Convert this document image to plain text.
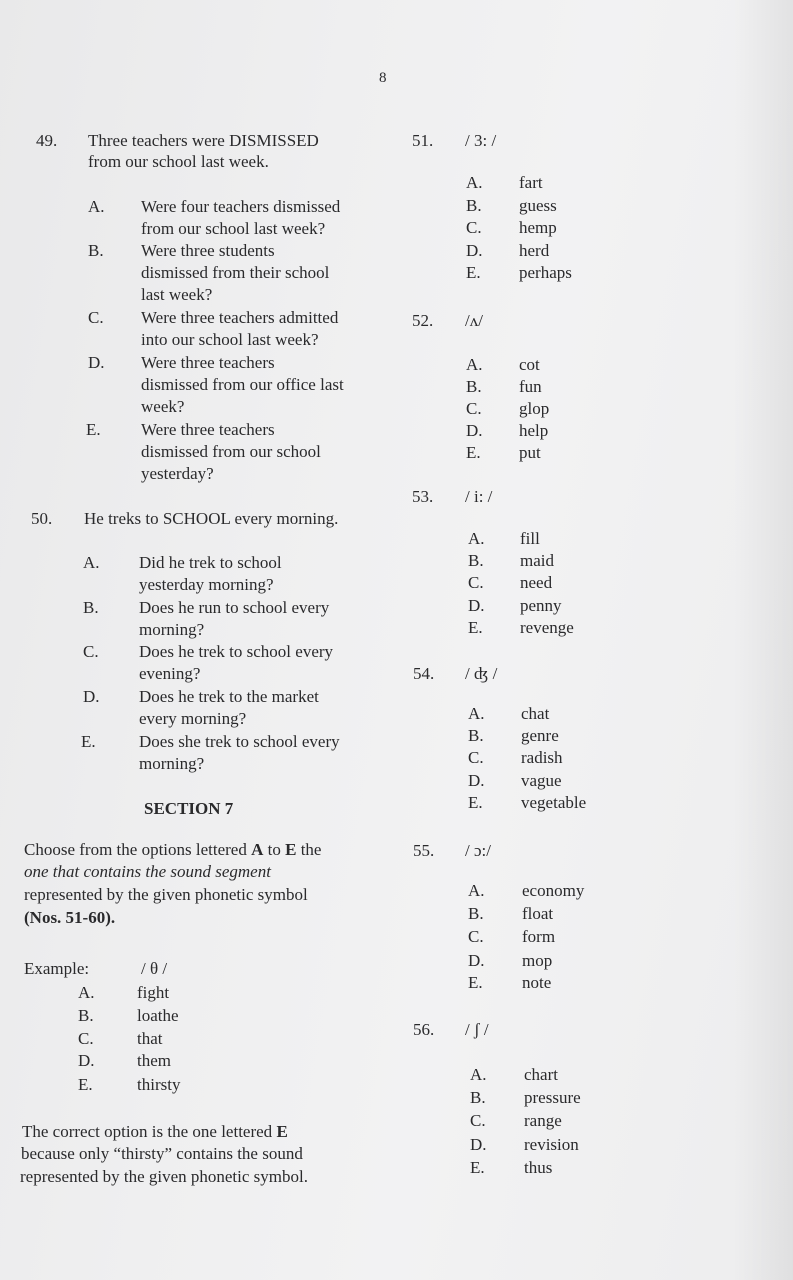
8
49. Three teachers were DISMISSED
from our school last week.
A. Were four teachers dismissed
from our school last week?
B. Were three students
dismissed from their school
last week?
C. Were three teachers admitted
into our school last week?
D. Were three teachers
dismissed from our office last
week?
E. Were three teachers
dismissed from our school
yesterday?
50. He treks to SCHOOL every morning.
A. Did he trek to school
yesterday morning?
B. Does he run to school every
morning?
C. Does he trek to school every
evening?
D. Does he trek to the market
every morning?
E.	Does she trek to school every
morning?
SECTION 7
Choose from the options lettered A to E the
one that contains the sound segment
represented by the given phonetic symbol
(Nos. 51-60).
Example:	/ θ /
A. fight
B.	loathe
C.	that
D. them
E.	thirsty
The correct option is the one lettered E
because only “thirsty” contains the sound
represented by the given phonetic symbol.
51. / 3: /
A. fart
B. guess
C. hemp
D. herd
E. perhaps
52. /ʌ/
A. cot
B. fun
C. glop
D. help
E. put
53. / i: /
A. fill
B. maid
C. need
D. penny
E. revenge
54. / ʤ /
A. chat
B. genre
C. radish
D. vague
E. vegetable
55. / ɔ:/
A. economy
B. float
C. form
D. mop
E. note
56. / ʃ /
A. chart
B. pressure
C. range
D. revision
E. thus
